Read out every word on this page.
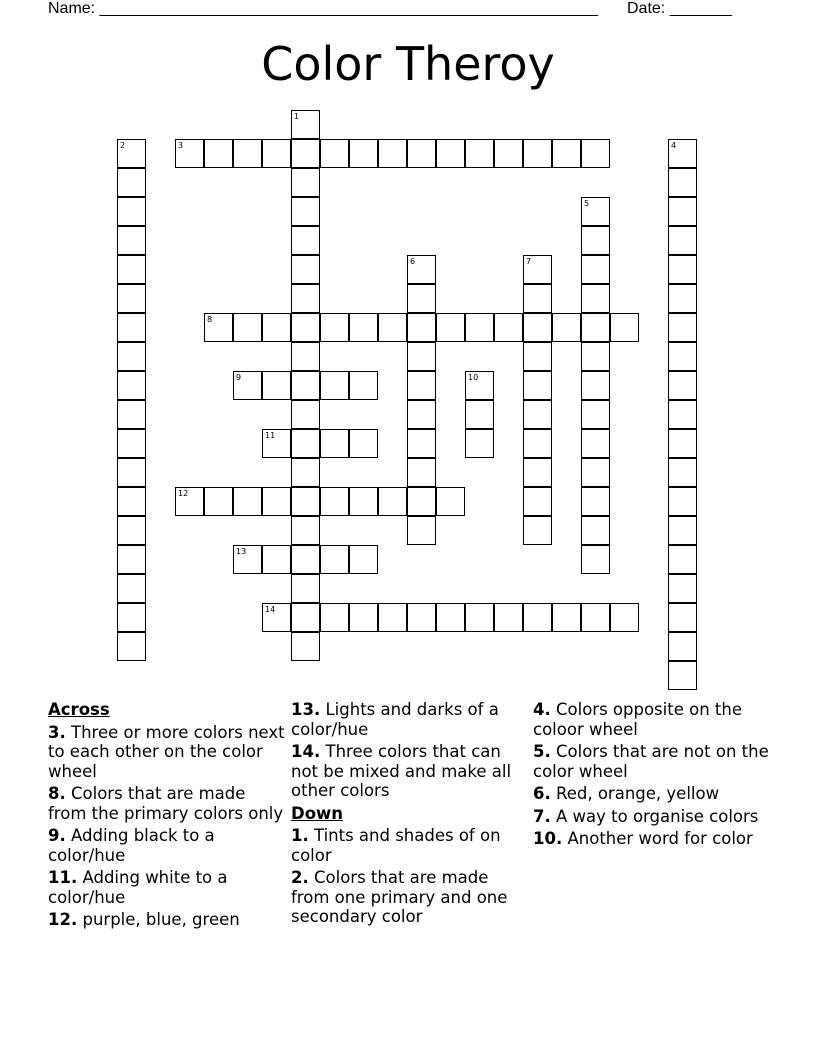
Name: ________________________________________________________ Date: _______
Color Theroy
1
2	3	4
5
6	7
8
9	10
11
12
13
14
Across
3. Three or more colors next to each other on the color wheel
8. Colors that are made from the primary colors only
9. Adding black to a color/hue
11. Adding white to a color/hue
12. purple, blue, green
13. Lights and darks of a color/hue
14. Three colors that can not be mixed and make all other colors
Down
1. Tints and shades of on color
2. Colors that are made from one primary and one secondary color
4. Colors opposite on the coloor wheel
5. Colors that are not on the color wheel
6. Red, orange, yellow
7. A way to organise colors
10. Another word for color
